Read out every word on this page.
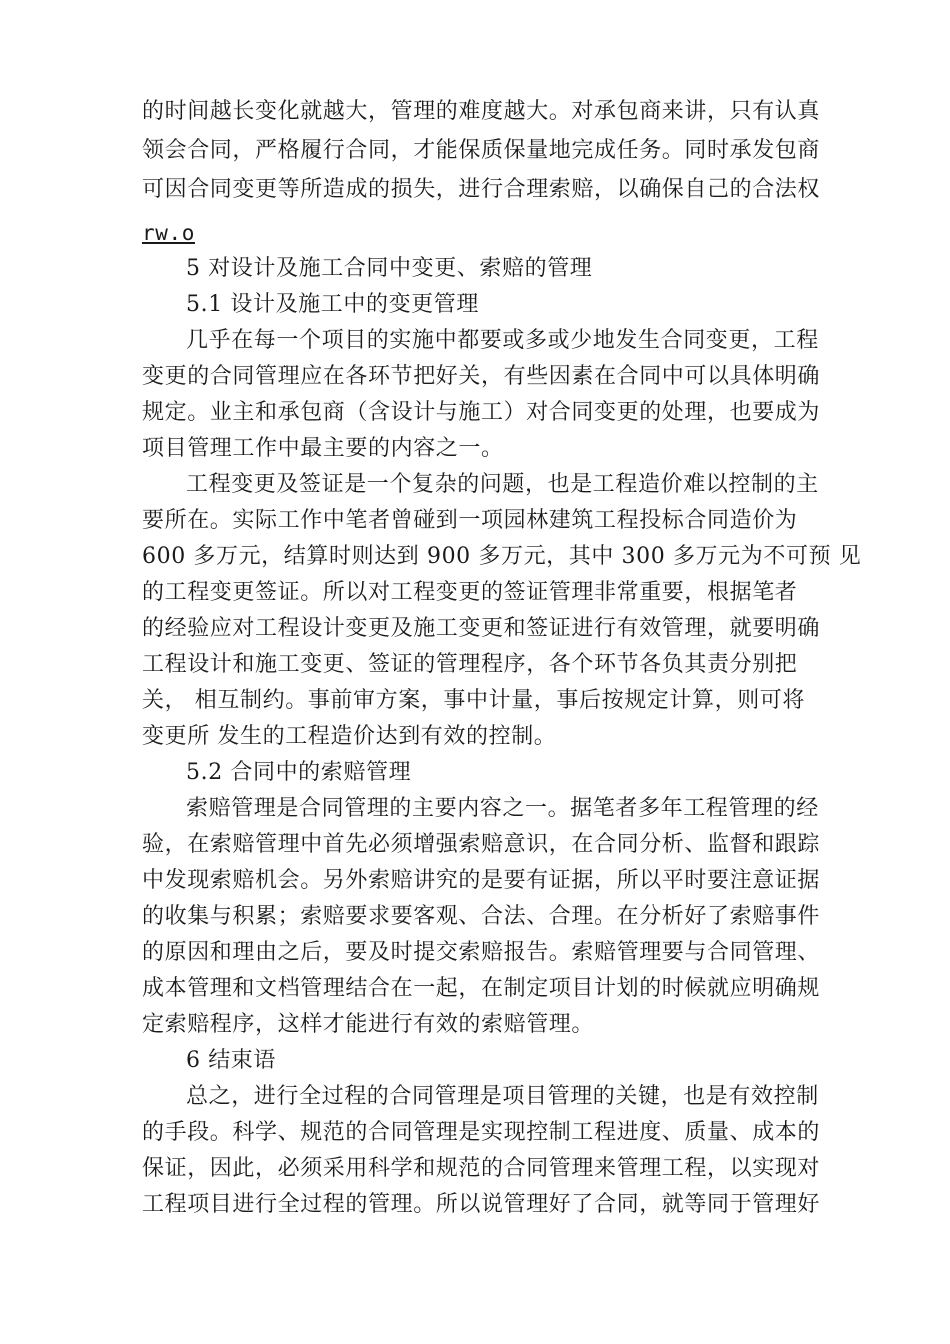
的时间越长变化就越大，管理的难度越大。对承包商来讲，只有认真
领会合同，严格履行合同，才能保质保量地完成任务。同时承发包商
可因合同变更等所造成的损失，进行合理索赔，以确保自己的合法权
rw.o
5 对设计及施工合同中变更、索赔的管理
5.1 设计及施工中的变更管理
几乎在每一个项目的实施中都要或多或少地发生合同变更，工程
变更的合同管理应在各环节把好关，有些因素在合同中可以具体明确
规定。业主和承包商（含设计与施工）对合同变更的处理，也要成为
项目管理工作中最主要的内容之一。
工程变更及签证是一个复杂的问题，也是工程造价难以控制的主
要所在。实际工作中笔者曾碰到一项园林建筑工程投标合同造价为
600 多万元，结算时则达到 900 多万元，其中 300 多万元为不可预 见
的工程变更签证。所以对工程变更的签证管理非常重要，根据笔者
的经验应对工程设计变更及施工变更和签证进行有效管理，就要明确
工程设计和施工变更、签证的管理程序，各个环节各负其责分别把
关， 相互制约。事前审方案，事中计量，事后按规定计算，则可将
变更所 发生的工程造价达到有效的控制。
5.2 合同中的索赔管理
索赔管理是合同管理的主要内容之一。据笔者多年工程管理的经
验，在索赔管理中首先必须增强索赔意识，在合同分析、监督和跟踪
中发现索赔机会。另外索赔讲究的是要有证据，所以平时要注意证据
的收集与积累；索赔要求要客观、合法、合理。在分析好了索赔事件
的原因和理由之后，要及时提交索赔报告。索赔管理要与合同管理、
成本管理和文档管理结合在一起，在制定项目计划的时候就应明确规
定索赔程序，这样才能进行有效的索赔管理。
6 结束语
总之，进行全过程的合同管理是项目管理的关键，也是有效控制
的手段。科学、规范的合同管理是实现控制工程进度、质量、成本的
保证，因此，必须采用科学和规范的合同管理来管理工程，以实现对
工程项目进行全过程的管理。所以说管理好了合同，就等同于管理好
